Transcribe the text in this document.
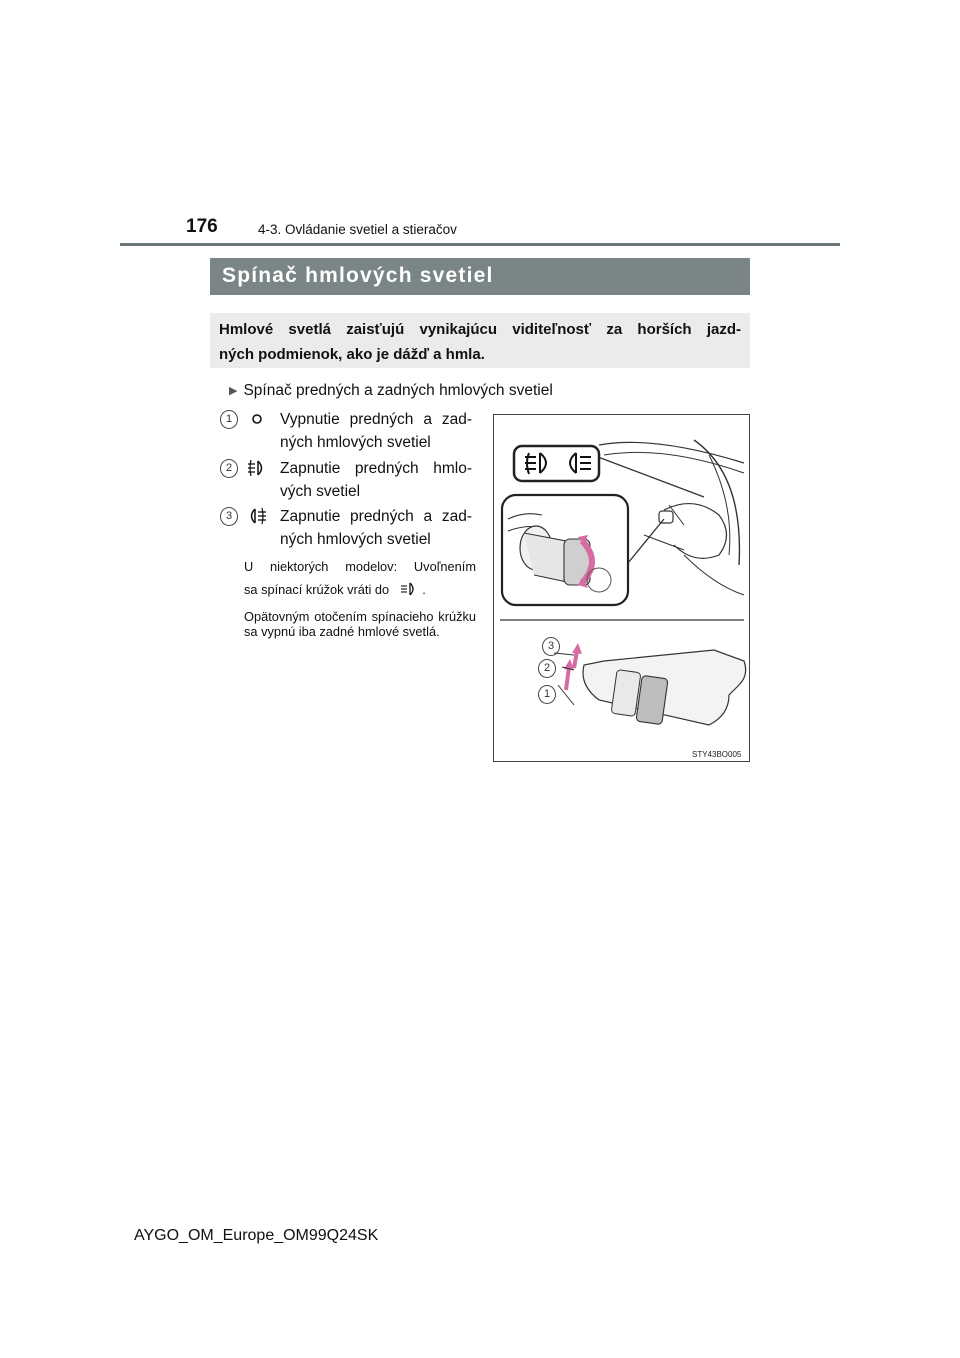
176	4-3. Ovládanie svetiel a stieračov
Spínač hmlových svetiel
Hmlové svetlá zaisťujú vynikajúcu viditeľnosť za horších jazd-
ných podmienok, ako je dážď a hmla.
▶ Spínač predných a zadných hmlových svetiel
1	Vypnutie predných a zad-
ných hmlových svetiel
2	Zapnutie predných hmlo-
vých svetiel
3	Zapnutie predných a zad-
ných hmlových svetiel
U niektorých modelov: Uvoľnením
sa spínací krúžok vráti do	.
Opätovným otočením spínacieho krúžku sa vypnú iba zadné hmlové svetlá.
3
2
1
STY43BO005
AYGO_OM_Europe_OM99Q24SK
